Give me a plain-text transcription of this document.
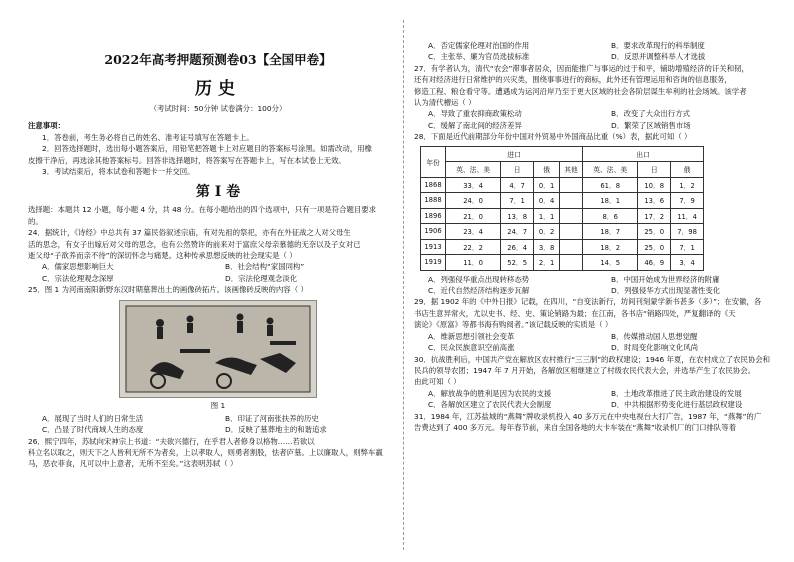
2022年高考押题预测卷03【全国甲卷】

历史

（考试时间：50分钟 试卷满分：100分）

注意事项：

1．答卷前，考生务必将自己的姓名、准考证号填写在答题卡上。

2．回答选择题时，选出每小题答案后，用铅笔把答题卡上对应题目的答案标号涂黑。如需改动，用橡

皮擦干净后，再选涂其他答案标号。回答非选择题时，将答案写在答题卡上，写在本试卷上无效。

3．考试结束后，将本试卷和答题卡一并交回。

第 I 卷

选择题：本题共 12 小题，每小题 4 分，共 48 分。在每小题给出的四个选项中，只有一项是符合题目要求

的。

24．据统计，《诗经》中总共有 37 篇民俗叙述宗庙，有对先祖的祭祀，亦有在外征战之人对父母生

活的思念，有女子出嫁后对父母的思念，也有公然赞许的前来对于富庶父母亲慕德的无奈以及子女对已

逝父母“子欲养而亲不待”的深切怀念与痛楚。这种传承思想反映的社会现实是（ ）

A．儒家思想影响巨大	B．社会结构“家国同构”
C．宗法伦理观念深厚	D．宗法伦理观念淡化

25．图 1 为河南南阳新野东汉时期墓葬出土的画像砖拓片。该画像砖反映的内容（ ）

图 1

A．展现了当时人们的日常生活	B．印证了河南张扶养的历史
C．凸显了时代商域人生的态度	D．反映了墓葬地主的和谐追求

26．熙宁四年，苏轼向宋神宗上书道：“夫欲兴德行，在乎君人者修身以格物……若欲以

科立名以取之，则天下之人皆利无所不为者矣，上以孝取人，则勇者割股，怯者庐墓。上以廉取人，则弊车羸

马，恶衣菲食，凡可以中上意者，无所不至矣。”这表明苏轼（ ）

A．否定儒家伦理对治国的作用	B．要求改革现行的科举制度
C．主张举、廉为官员选拔标准	D．反思并调整科举人才选拔

27．有学者认为，清代“农会”滞事者居众，因而能推广与事运的过于和平，铺助增殖经济的讦关和韧，

还有对经济进行日常维护的兴灾类，围绕事事进行的商标，此外还有管理运用和咨询的信息服务，

修造工程、粮仓看守等。遭遇成为运河沿岸乃至于更大区域的社会各阶层谋生牟利的社会场域。该学者

认为清代槽运（ ）

A．导致了重农抑商政策松动	B．改变了大众出行方式
C．缓解了南北间的经济差异	D．繁荣了区域销售市场

28．下面是近代前期部分年份中国对外贸易中外国商品比重（%）表，据此可知（ ）

年份	进口				出口		
	英、法、美	日	俄	其他	英、法、美	日	俄
1868	33．4	4．7	0．1		61．8	10．8	1．2
1888	24．0	7．1	0．4		18．1	13．6	7．9
1896	21．0	13．8	1．1		8．6	17．2	11．4
1906	23．4	24．7	0．2		18．7	25．0	7．98
1913	22．2	26．4	3．8		18．2	25．0	7．1
1919	11．0	52．5	2．1		14．5	46．9	3．4
A．列强侵华重点出现转移态势	B．中国开始成为世界经济的附庸
C．近代自然经济结构逐步瓦解	D．列强侵华方式出现显著性变化

29．据 1902 年的《中外日报》记载，在四川，“自变法新行，坊间刊刻蒙学新书甚多（多）”；在安徽，各

书店生意异常火，尤以史书、经、史、策论销路为最；在江南，各书店“销路四处，严复翻译的《天

演论》《原富》等都书海有购阅者。”该记载反映的实质是（ ）

A．维新思想引领社会变革	B．传媒推动国人思想觉醒
C．民众民族意识空前高涨	D．时局变化影响文化风尚

30．抗战胜利后，中国共产党在解放区农村推行“三三制”的政权建设；1946 年夏，在农村成立了农民协会和

民兵的领导农团；1947 年 7 月开始，各解放区相继建立了村级农民代表大会，并选举产生了农民协会。

由此可知（ ）

A．解放战争的胜利是因为农民的支援	B．土地改革推进了民主政治建设的发展
C．各解放区建立了农民代表大会制度	D．中共根据形势变化进行基层政权建设

31．1984 年，江苏盐城的“燕舞”牌收录机投入 40 多万元在中央电视台大打广告，1987 年，“燕舞”的广

告费达到了 400 多万元。每年春节前，来自全国各地的大卡车装在“燕舞”收录机厂的门口排队等着
